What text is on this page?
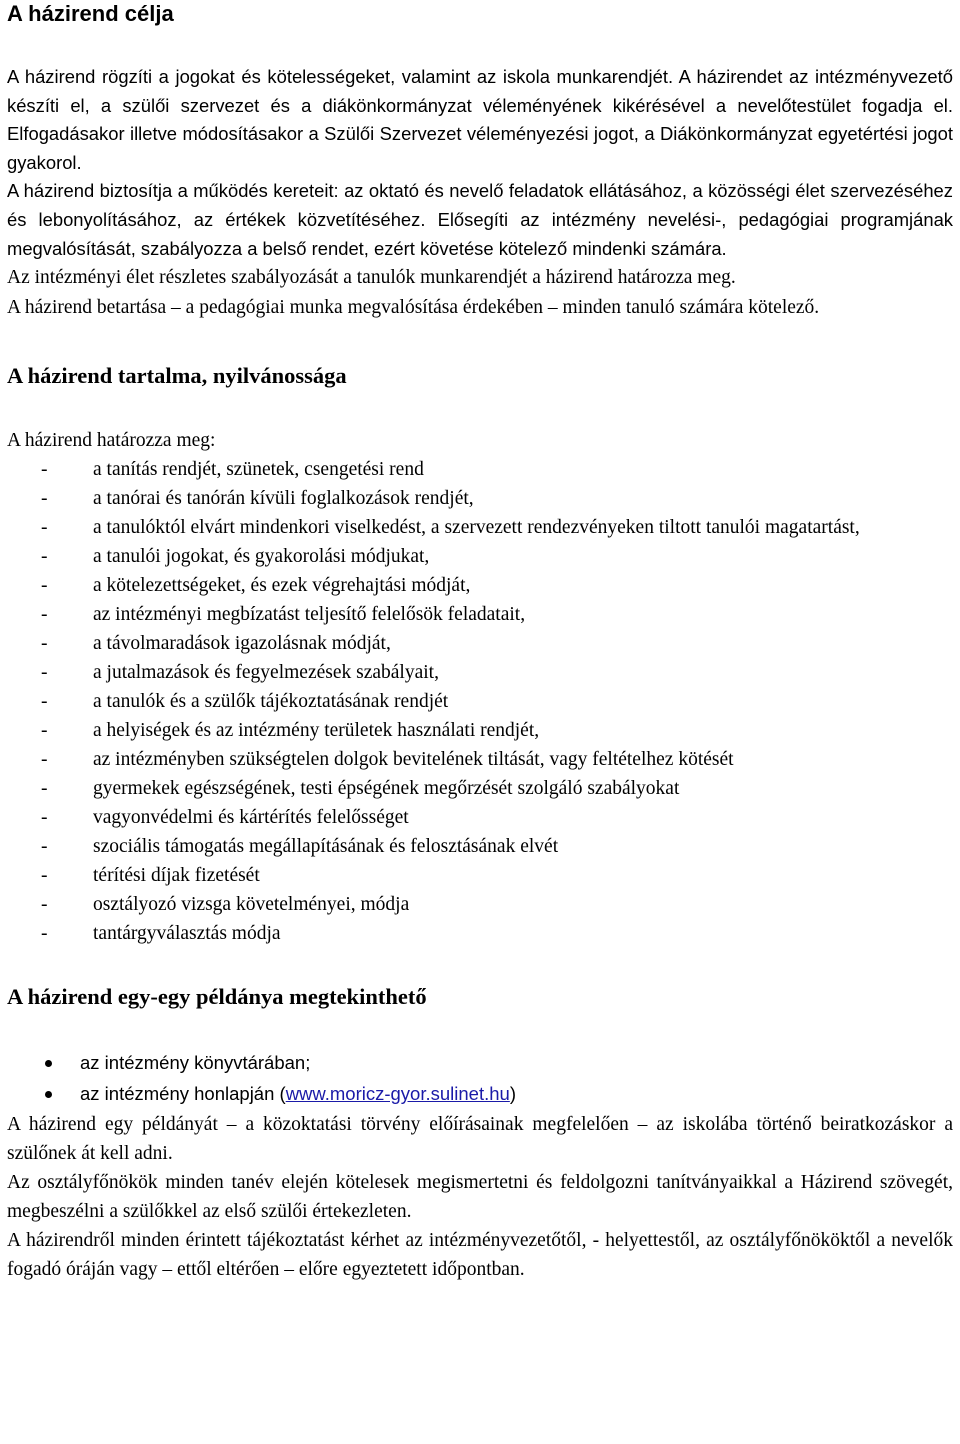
A házirend célja

A házirend rögzíti a jogokat és kötelességeket, valamint az iskola munkarendjét. A házirendet az intézményvezető készíti el, a szülői szervezet és a diákönkormányzat véleményének kikérésével a nevelőtestület fogadja el. Elfogadásakor illetve módosításakor a Szülői Szervezet véleményezési jogot, a Diákönkormányzat egyetértési jogot gyakorol.

A házirend biztosítja a működés kereteit: az oktató és nevelő feladatok ellátásához, a közösségi élet szervezéséhez és lebonyolításához, az értékek közvetítéséhez. Elősegíti az intézmény nevelési-, pedagógiai programjának megvalósítását, szabályozza a belső rendet, ezért követése kötelező mindenki számára.

Az intézményi élet részletes szabályozását a tanulók munkarendjét a házirend határozza meg.

A házirend betartása – a pedagógiai munka megvalósítása érdekében – minden tanuló számára kötelező.

A házirend tartalma, nyilvánossága

A házirend határozza meg:

- a tanítás rendjét, szünetek, csengetési rend
- a tanórai és tanórán kívüli foglalkozások rendjét,
- a tanulóktól elvárt mindenkori viselkedést, a szervezett rendezvényeken tiltott tanulói magatartást,
- a tanulói jogokat, és gyakorolási módjukat,
- a kötelezettségeket, és ezek végrehajtási módját,
- az intézményi megbízatást teljesítő felelősök feladatait,
- a távolmaradások igazolásnak módját,
- a jutalmazások és fegyelmezések szabályait,
- a tanulók és a szülők tájékoztatásának rendjét
- a helyiségek és az intézmény területek használati rendjét,
- az intézményben szükségtelen dolgok bevitelének tiltását, vagy feltételhez kötését
- gyermekek egészségének, testi épségének megőrzését szolgáló szabályokat
- vagyonvédelmi és kártérítés felelősséget
- szociális támogatás megállapításának és felosztásának elvét
- térítési díjak fizetését
- osztályozó vizsga követelményei, módja
- tantárgyválasztás módja
A házirend egy-egy példánya megtekinthető
az intézmény könyvtárában;
az intézmény honlapján (www.moricz-gyor.sulinet.hu)

A házirend egy példányát – a közoktatási törvény előírásainak megfelelően – az iskolába történő beiratkozáskor a szülőnek át kell adni.

Az osztályfőnökök minden tanév elején kötelesek megismertetni és feldolgozni tanítványaikkal a Házirend szövegét, megbeszélni a szülőkkel az első szülői értekezleten.

A házirendről minden érintett tájékoztatást kérhet az intézményvezetőtől, - helyettestől, az osztályfőnököktől a nevelők fogadó óráján vagy – ettől eltérően – előre egyeztetett időpontban.
